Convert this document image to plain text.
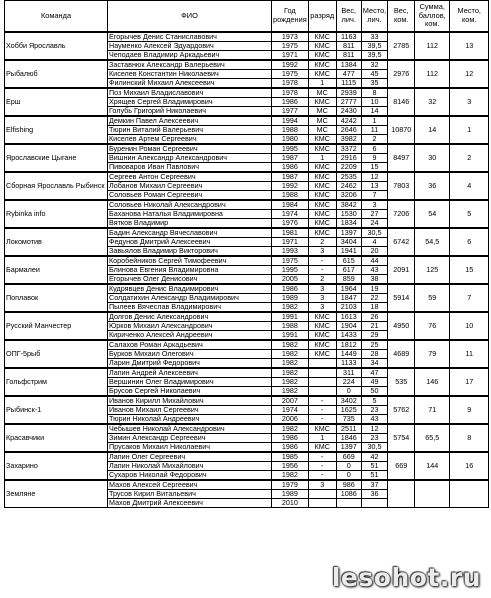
Команда	ФИО	Год рождения	разряд	Вес, лич.	Место, лич.	Вес, ком.	Сумма, баллов, ком.	Место, ком.
Хобби Ярославль	Егорычев Денис Станиславович	1973	КМС	1163	33	2785	112	13
	Науменко Алексей Эдуардович	1975	КМС	811	39,5			
	Чеподаев Владимир Аркадьевич	1971	КМС	811	39,5			
Рыбалюб	Заставнюк Александр Валерьевич	1992	КМС	1384	32	2976	112	12
	Киселев Константин Николаевич	1975	КМС	477	45			
	Филинский Михаил Алексеевич	1978	1	1115	35			
Ерш	Поз Михаил Владиславович	1978	МС	2939	8	8146	32	3
	Хрящев Сергей Владимирович	1986	КМС	2777	10			
	Голубь Григорий Николаевич	1977	МС	2430	14			
Elfishing	Демкин Павел Алексеевич	1994	МС	4242	1	10870	14	1
	Тюрин Виталий Валерьевич	1988	МС	2646	11			
	Киселев Артем Сергеевич	1980	КМС	3982	2			
Ярославские Цыгане	Буренин Роман Сергеевич	1995	КМС	3372	6	8497	30	2
	Вишнин Александр Александрович	1987	1	2916	9			
	Пивоваров Иван Павлович	1986	КМС	2209	15			
Сборная Ярославль Рыбинск	Сергеев Антон Сергеевич	1987	КМС	2535	12	7803	36	4
	Лобанов Михаил Сергеевич	1992	КМС	2462	13			
	Соловьев Роман Сергеевич	1988	КМС	3206	7			
Rybinka info	Соловьев Николай Александрович	1984	КМС	3842	3	7206	54	5
	Баханова Наталья Владимировна	1974	КМС	1530	27			
	Вятков Владимир	1976	КМС	1834	24			
Локомотив	Бадин Александр Вячеславович	1981	КМС	1397	30,5	6742	54,5	6
	Федунов Дмитрий Алексеевич	1971	2	3404	4			
	Завьялов Владимир Викторович	1993	3	1941	20			
Бармалеи	Коробейников Сергей Тимофеевич	1975	-	615	44	2091	125	15
	Блинова Евгения Владимировна	1995	-	617	43			
	Егорычев Олег Денисович	2005	2	859	38			
Поплавок	Кудрявцев Денис Владимирович	1986	3	1964	19	5914	59	7
	Солдатихин Александр Владимирович	1989	3	1847	22			
	Пылеев Вячеслав Владимирович	1982	3	2103	18			
Русский Манчестер	Долгов Денис Александрович	1991	КМС	1613	26	4950	76	10
	Юрков Михаил Александрович	1988	КМС	1904	21			
	Кириченко Алексей Андреевич	1991	КМС	1433	29			
ОПГ-5рыб	Салахов Роман Аркадьевич	1982	КМС	1812	25	4689	79	11
	Бурков Михаил Олегович	1982	КМС	1449	28			
	Ларин Дмитрий Федорович	1982		1133	34			
Гольфстрим	Лапин Андрей Алексеевич	1982		311	47	535	146	17
	Вершинин Олег Владимирович	1982		224	49			
	Брусов Сергей Николаевич	1982		0	50			
Рыбинск-1	Иванов Кирилл Михайлович	2007	-	3402	5	5762	71	9
	Иванов Михаил Сергеевич	1974	-	1625	23			
	Тюрин Николай Андреевич	2006	-	735	43			
Красавчики	Чебышев Николай Александрович	1982	КМС	2511	12	5754	65,5	8
	Зимин Александр Сергеевич	1986	1	1846	23			
	Прусаков Михаил Николаевич	1986	КМС	1397	30,5			
Захарино	Лапин Олег Сергеевич	1985	-	669	42	669	144	16
	Лапин Николай Михайлович	1956	-	0	51			
	Сухаров Николай Федорович	1982	-	0	51			
Земляне	Махов Алексей Сергеевич	1979	3	986	37			
	Трусов Кирил Витальевич	1989		1086	36			
	Махов Дмитрий Алексеевич	2010						
lesohot.ru
